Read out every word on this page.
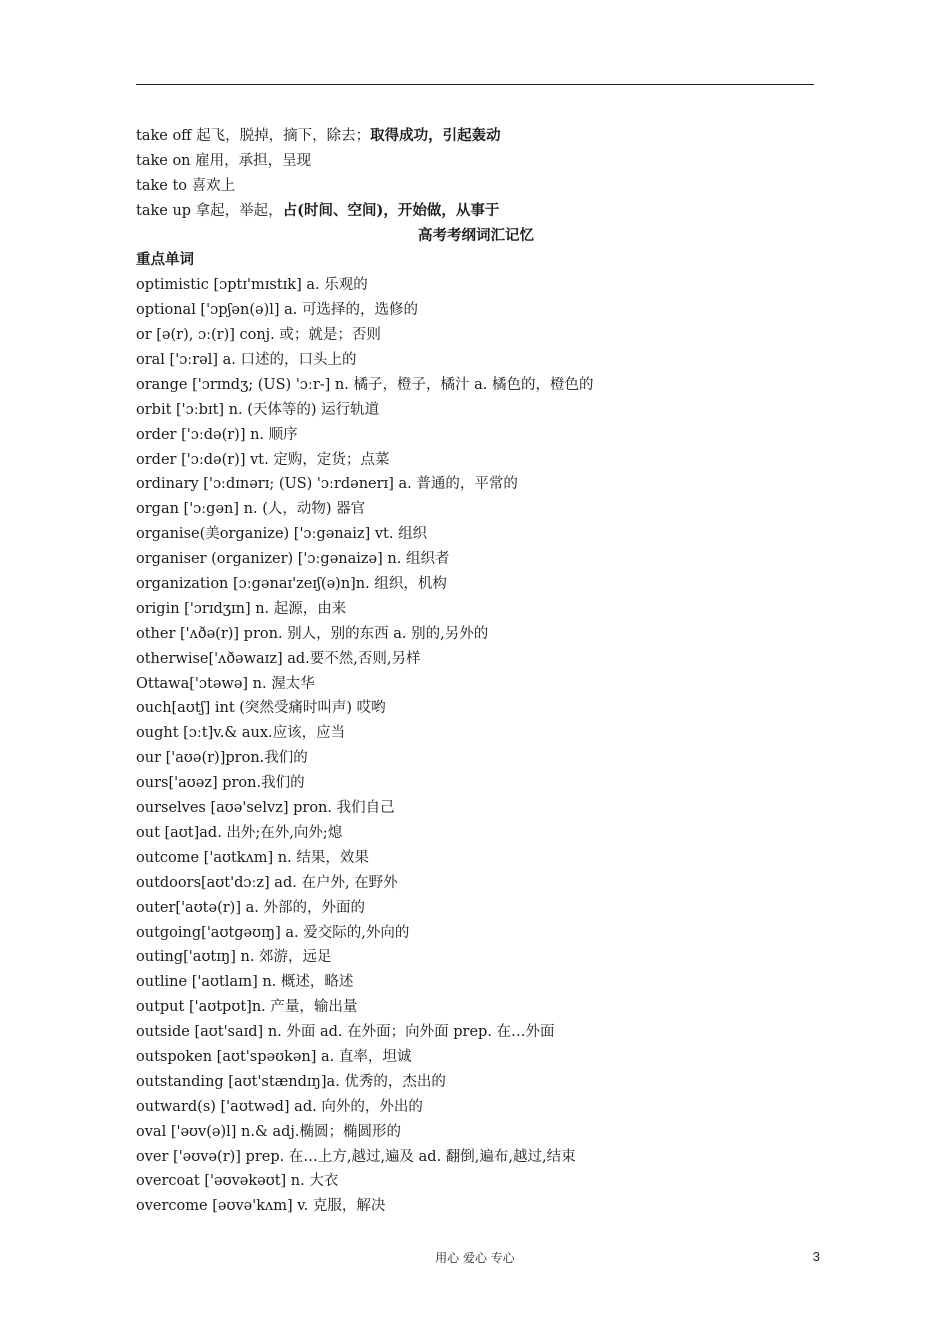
take off 起飞，脱掉，摘下，除去；取得成功，引起轰动
take on 雇用，承担，呈现
take to 喜欢上
take up 拿起，举起，占(时间、空间)，开始做，从事于
高考考纲词汇记忆
重点单词
optimistic [ɔptɪ'mɪstɪk] a. 乐观的
optional ['ɔpʃən(ə)l] a. 可选择的，选修的
or [ə(r), ɔː(r)] conj. 或；就是；否则
oral ['ɔːrəl] a. 口述的，口头上的
orange ['ɔrɪndʒ; (US) 'ɔːr-] n. 橘子，橙子，橘汁 a. 橘色的，橙色的
orbit ['ɔːbɪt] n. (天体等的) 运行轨道
order ['ɔːdə(r)] n. 顺序
order ['ɔːdə(r)] vt. 定购，定货；点菜
ordinary ['ɔːdɪnərɪ; (US) 'ɔːrdənerɪ] a. 普通的，平常的
organ ['ɔːgən] n. (人，动物) 器官
organise(美organize) ['ɔːgənaiz] vt. 组织
organiser (organizer) ['ɔːgənaizə] n. 组织者
organization [ɔːgənaɪ'zeɪʃ(ə)n]n. 组织，机构
origin ['ɔrɪdʒɪn] n. 起源，由来
other ['ʌðə(r)] pron. 别人，别的东西 a. 别的,另外的
otherwise['ʌðəwaɪz] ad.要不然,否则,另样
Ottawa['ɔtəwə] n. 渥太华
ouch[aʊtʃ] int (突然受痛时叫声) 哎哟
ought [ɔːt]v.& aux.应该，应当
our ['aʊə(r)]pron.我们的
ours['aʊəz] pron.我们的
ourselves [aʊə'selvz] pron. 我们自己
out [aʊt]ad. 出外;在外,向外;熄
outcome ['aʊtkʌm] n. 结果，效果
outdoors[aʊt'dɔːz] ad. 在户外, 在野外
outer['aʊtə(r)] a. 外部的，外面的
outgoing['aʊtgəʊɪŋ] a. 爱交际的,外向的
outing['aʊtɪŋ] n. 郊游，远足
outline ['aʊtlaɪn] n. 概述，略述
output ['aʊtpʊt]n. 产量，输出量
outside [aʊt'saɪd] n. 外面 ad. 在外面；向外面 prep. 在…外面
outspoken [aʊt'spəʊkən] a. 直率，坦诚
outstanding [aʊt'stændɪŋ]a. 优秀的，杰出的
outward(s) ['aʊtwəd] ad. 向外的，外出的
oval ['əʊv(ə)l] n.& adj.椭圆；椭圆形的
over ['əʊvə(r)] prep. 在…上方,越过,遍及 ad. 翻倒,遍布,越过,结束
overcoat ['əʊvəkəʊt] n. 大衣
overcome [əʊvə'kʌm] v. 克服，解决
用心 爱心 专心	3
